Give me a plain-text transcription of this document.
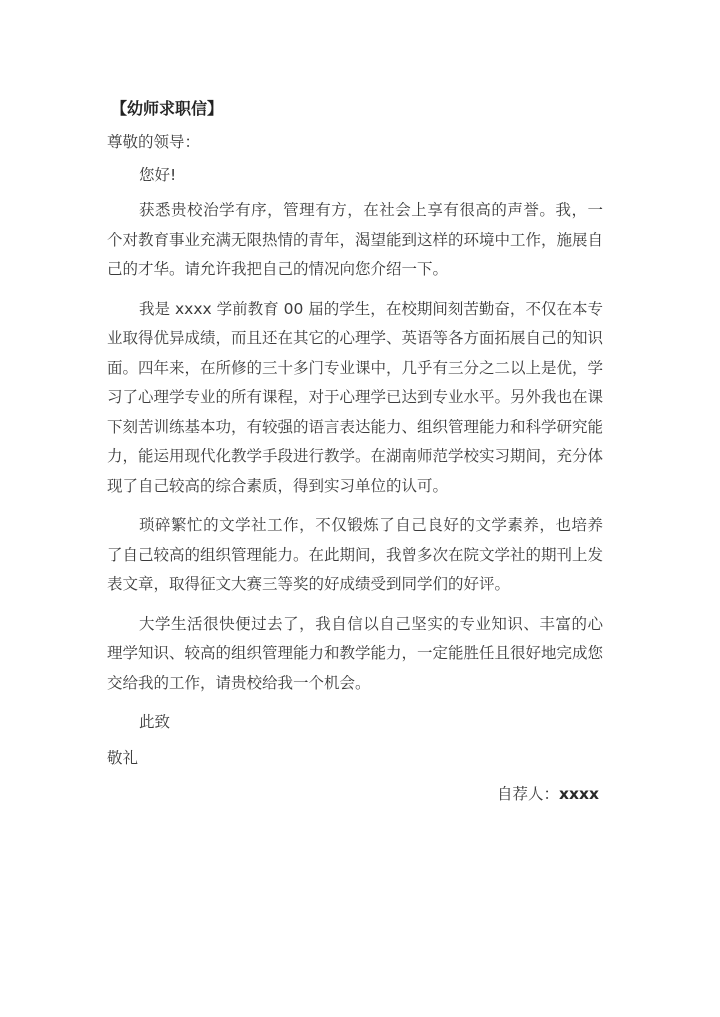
【幼师求职信】
尊敬的领导：
您好!

获悉贵校治学有序，管理有方，在社会上享有很高的声誉。我，一个对教育事业充满无限热情的青年，渴望能到这样的环境中工作，施展自己的才华。请允许我把自己的情况向您介绍一下。

我是 xxxx 学前教育 00 届的学生，在校期间刻苦勤奋，不仅在本专业取得优异成绩，而且还在其它的心理学、英语等各方面拓展自己的知识面。四年来，在所修的三十多门专业课中，几乎有三分之二以上是优，学习了心理学专业的所有课程，对于心理学已达到专业水平。另外我也在课下刻苦训练基本功，有较强的语言表达能力、组织管理能力和科学研究能力，能运用现代化教学手段进行教学。在湖南师范学校实习期间，充分体现了自己较高的综合素质，得到实习单位的认可。

琐碎繁忙的文学社工作，不仅锻炼了自己良好的文学素养，也培养了自己较高的组织管理能力。在此期间，我曾多次在院文学社的期刊上发表文章，取得征文大赛三等奖的好成绩受到同学们的好评。

大学生活很快便过去了，我自信以自己坚实的专业知识、丰富的心理学知识、较高的组织管理能力和教学能力，一定能胜任且很好地完成您交给我的工作，请贵校给我一个机会。

此致
敬礼
自荐人：xxxx
